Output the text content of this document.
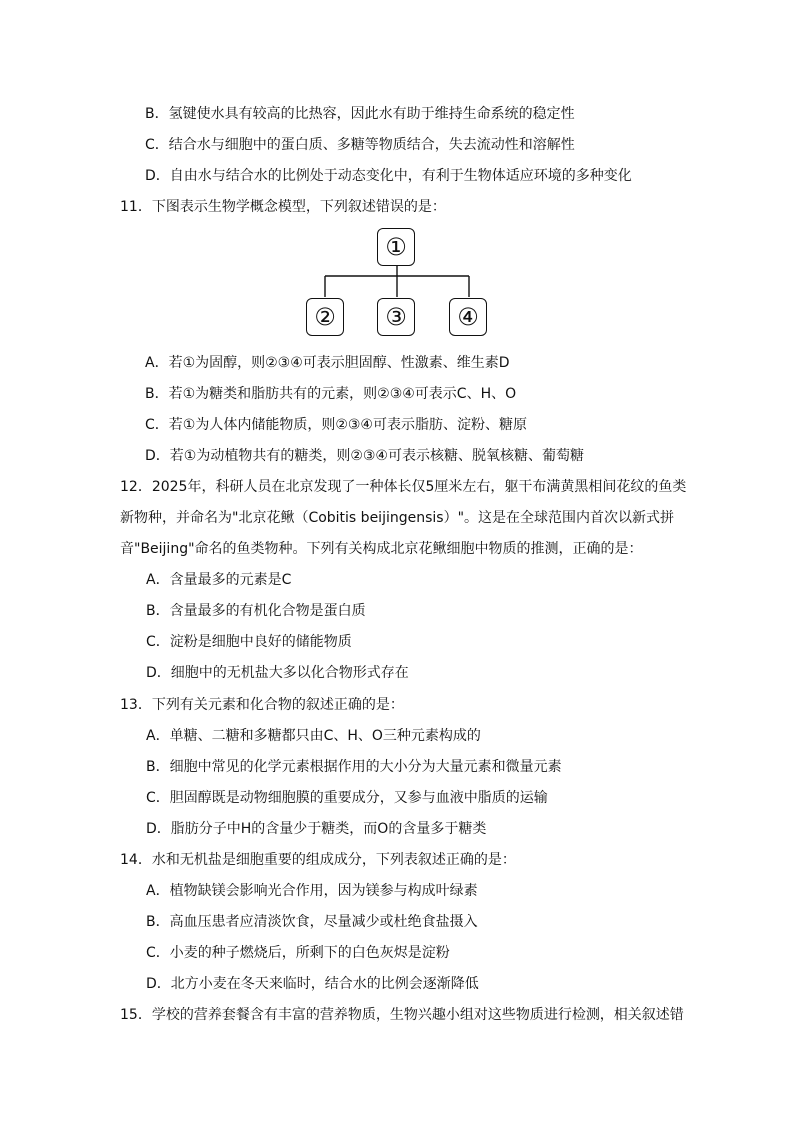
B．氢键使水具有较高的比热容，因此水有助于维持生命系统的稳定性
C．结合水与细胞中的蛋白质、多糖等物质结合，失去流动性和溶解性
D．自由水与结合水的比例处于动态变化中，有利于生物体适应环境的多种变化
11．下图表示生物学概念模型，下列叙述错误的是：
①
②	③	④
A．若①为固醇，则②③④可表示胆固醇、性激素、维生素D
B．若①为糖类和脂肪共有的元素，则②③④可表示C、H、O
C．若①为人体内储能物质，则②③④可表示脂肪、淀粉、糖原
D．若①为动植物共有的糖类，则②③④可表示核糖、脱氧核糖、葡萄糖
12．2025年，科研人员在北京发现了一种体长仅5厘米左右，躯干布满黄黑相间花纹的鱼类
新物种，并命名为"北京花鳅（Cobitis beijingensis）"。这是在全球范围内首次以新式拼
音"Beijing"命名的鱼类物种。下列有关构成北京花鳅细胞中物质的推测，正确的是：
A．含量最多的元素是C
B．含量最多的有机化合物是蛋白质
C．淀粉是细胞中良好的储能物质
D．细胞中的无机盐大多以化合物形式存在
13．下列有关元素和化合物的叙述正确的是：
A．单糖、二糖和多糖都只由C、H、O三种元素构成的
B．细胞中常见的化学元素根据作用的大小分为大量元素和微量元素
C．胆固醇既是动物细胞膜的重要成分，又参与血液中脂质的运输
D．脂肪分子中H的含量少于糖类，而O的含量多于糖类
14．水和无机盐是细胞重要的组成成分，下列表叙述正确的是：
A．植物缺镁会影响光合作用，因为镁参与构成叶绿素
B．高血压患者应清淡饮食，尽量减少或杜绝食盐摄入
C．小麦的种子燃烧后，所剩下的白色灰烬是淀粉
D．北方小麦在冬天来临时，结合水的比例会逐渐降低
15．学校的营养套餐含有丰富的营养物质，生物兴趣小组对这些物质进行检测，相关叙述错
